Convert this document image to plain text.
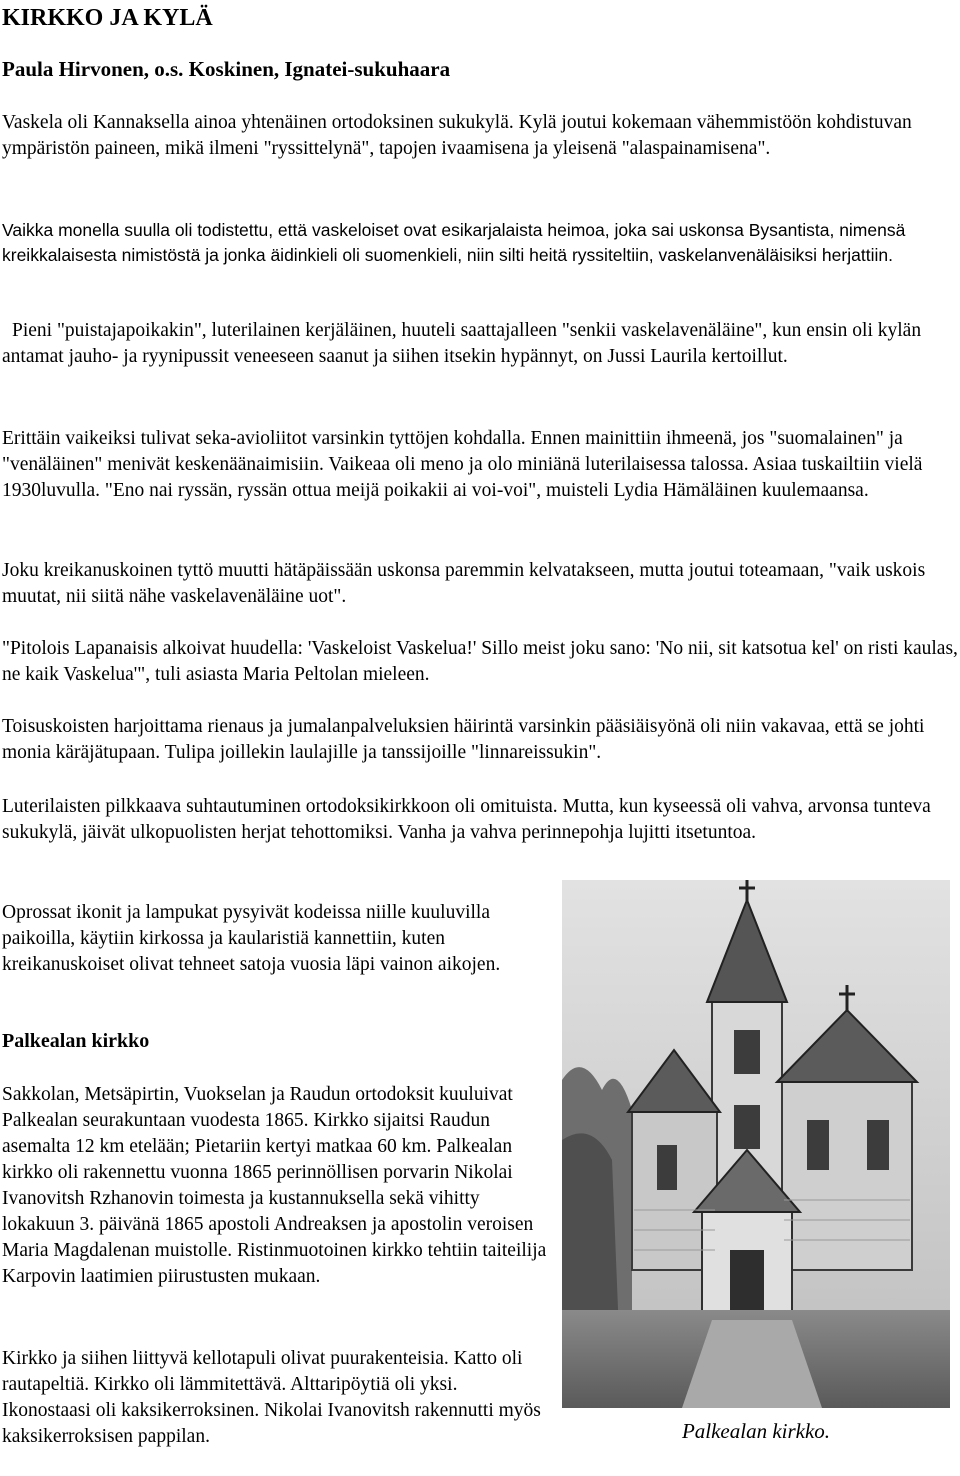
KIRKKO JA KYLÄ
Paula Hirvonen, o.s. Koskinen, Ignatei-sukuhaara

Vaskela oli Kannaksella ainoa yhtenäinen ortodoksinen sukukylä. Kylä joutui kokemaan vähemmistöön kohdistuvan ympäristön paineen, mikä ilmeni "ryssittelynä", tapojen ivaamisena ja yleisenä "alaspainamisena".

Vaikka monella suulla oli todistettu, että vaskeloiset ovat esikarjalaista heimoa, joka sai uskonsa Bysantista, nimensä kreikkalaisesta nimistöstä ja jonka äidinkieli oli suomenkieli, niin silti heitä ryssiteltiin, vaskelanvenäläisiksi herjattiin.

Pieni "puistajapoikakin", luterilainen kerjäläinen, huuteli saattajalleen "senkii vaskelavenäläine", kun ensin oli kylän antamat jauho- ja ryynipussit veneeseen saanut ja siihen itsekin hypännyt, on Jussi Laurila kertoillut.

Erittäin vaikeiksi tulivat seka-avioliitot varsinkin tyttöjen kohdalla. Ennen mainittiin ihmeenä, jos "suomalainen" ja "venäläinen" menivät keskenäänaimisiin. Vaikeaa oli meno ja olo miniänä luterilaisessa talossa. Asiaa tuskailtiin vielä 1930luvulla. "Eno nai ryssän, ryssän ottua meijä poikakii ai voi-voi", muisteli Lydia Hämäläinen kuulemaansa.

Joku kreikanuskoinen tyttö muutti hätäpäissään uskonsa paremmin kelvatakseen, mutta joutui toteamaan, "vaik uskois muutat, nii siitä nähe vaskelavenäläine uot".

"Pitolois Lapanaisis alkoivat huudella: 'Vaskeloist Vaskelua!' Sillo meist joku sano: 'No nii, sit katsotua kel' on risti kaulas, ne kaik Vaskelua'", tuli asiasta Maria Peltolan mieleen.

Toisuskoisten harjoittama rienaus ja jumalanpalveluksien häirintä varsinkin pääsiäisyönä oli niin vakavaa, että se johti monia käräjätupaan. Tulipa joillekin laulajille ja tanssijoille "linnareissukin".

Luterilaisten pilkkaava suhtautuminen ortodoksikirkkoon oli omituista. Mutta, kun kyseessä oli vahva, arvonsa tunteva sukukylä, jäivät ulkopuolisten herjat tehottomiksi. Vanha ja vahva perinnepohja lujitti itsetuntoa.

Oprossat ikonit ja lampukat pysyivät kodeissa niille kuuluvilla paikoilla, käytiin kirkossa ja kaularistiä kannettiin, kuten kreikanuskoiset olivat tehneet satoja vuosia läpi vainon aikojen.

Palkealan kirkko

Sakkolan, Metsäpirtin, Vuokselan ja Raudun ortodoksit kuuluivat Palkealan seurakuntaan vuodesta 1865. Kirkko sijaitsi Raudun asemalta 12 km etelään; Pietariin kertyi matkaa 60 km. Palkealan kirkko oli rakennettu vuonna 1865 perinnöllisen porvarin Nikolai Ivanovitsh Rzhanovin toimesta ja kustannuksella sekä vihitty lokakuun 3. päivänä 1865 apostoli Andreaksen ja apostolin veroisen Maria Magdalenan muistolle. Ristinmuotoinen kirkko tehtiin taiteilija Karpovin laatimien piirustusten mukaan.

Kirkko ja siihen liittyvä kellotapuli olivat puurakenteisia. Katto oli rautapeltiä. Kirkko oli lämmitettävä. Alttaripöytiä oli yksi. Ikonostaasi oli kaksikerroksinen. Nikolai Ivanovitsh rakennutti myös kaksikerroksisen pappilan.	Palkealan kirkko.
